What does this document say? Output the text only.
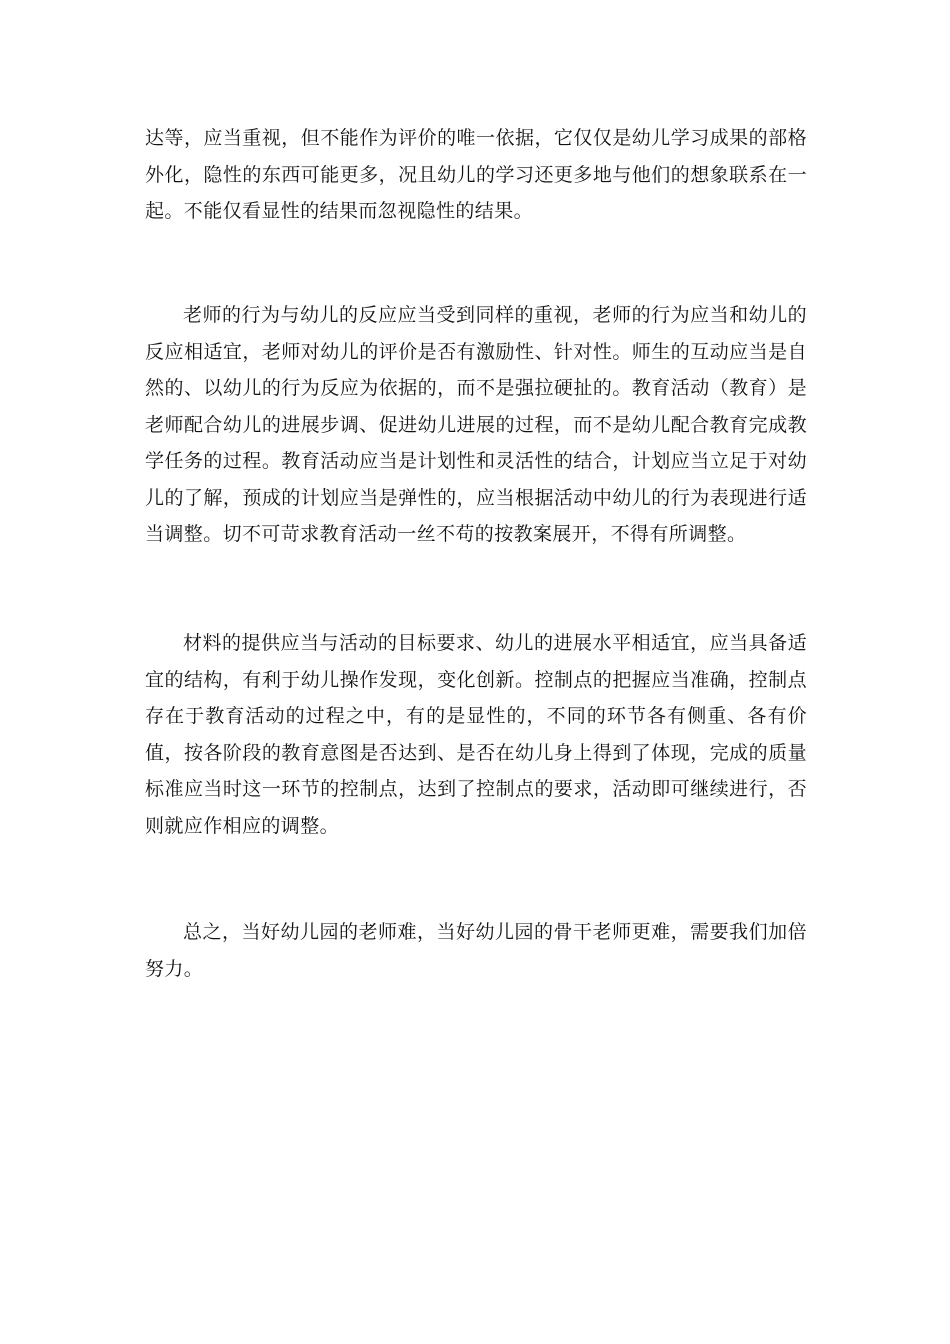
达等，应当重视，但不能作为评价的唯一依据，它仅仅是幼儿学习成果的部格外化，隐性的东西可能更多，况且幼儿的学习还更多地与他们的想象联系在一起。不能仅看显性的结果而忽视隐性的结果。

老师的行为与幼儿的反应应当受到同样的重视，老师的行为应当和幼儿的反应相适宜，老师对幼儿的评价是否有激励性、针对性。师生的互动应当是自然的、以幼儿的行为反应为依据的，而不是强拉硬扯的。教育活动（教育）是老师配合幼儿的进展步调、促进幼儿进展的过程，而不是幼儿配合教育完成教学任务的过程。教育活动应当是计划性和灵活性的结合，计划应当立足于对幼儿的了解，预成的计划应当是弹性的，应当根据活动中幼儿的行为表现进行适当调整。切不可苛求教育活动一丝不苟的按教案展开，不得有所调整。

材料的提供应当与活动的目标要求、幼儿的进展水平相适宜，应当具备适宜的结构，有利于幼儿操作发现，变化创新。控制点的把握应当准确，控制点存在于教育活动的过程之中，有的是显性的，不同的环节各有侧重、各有价值，按各阶段的教育意图是否达到、是否在幼儿身上得到了体现，完成的质量标准应当时这一环节的控制点，达到了控制点的要求，活动即可继续进行，否则就应作相应的调整。

总之，当好幼儿园的老师难，当好幼儿园的骨干老师更难，需要我们加倍努力。
